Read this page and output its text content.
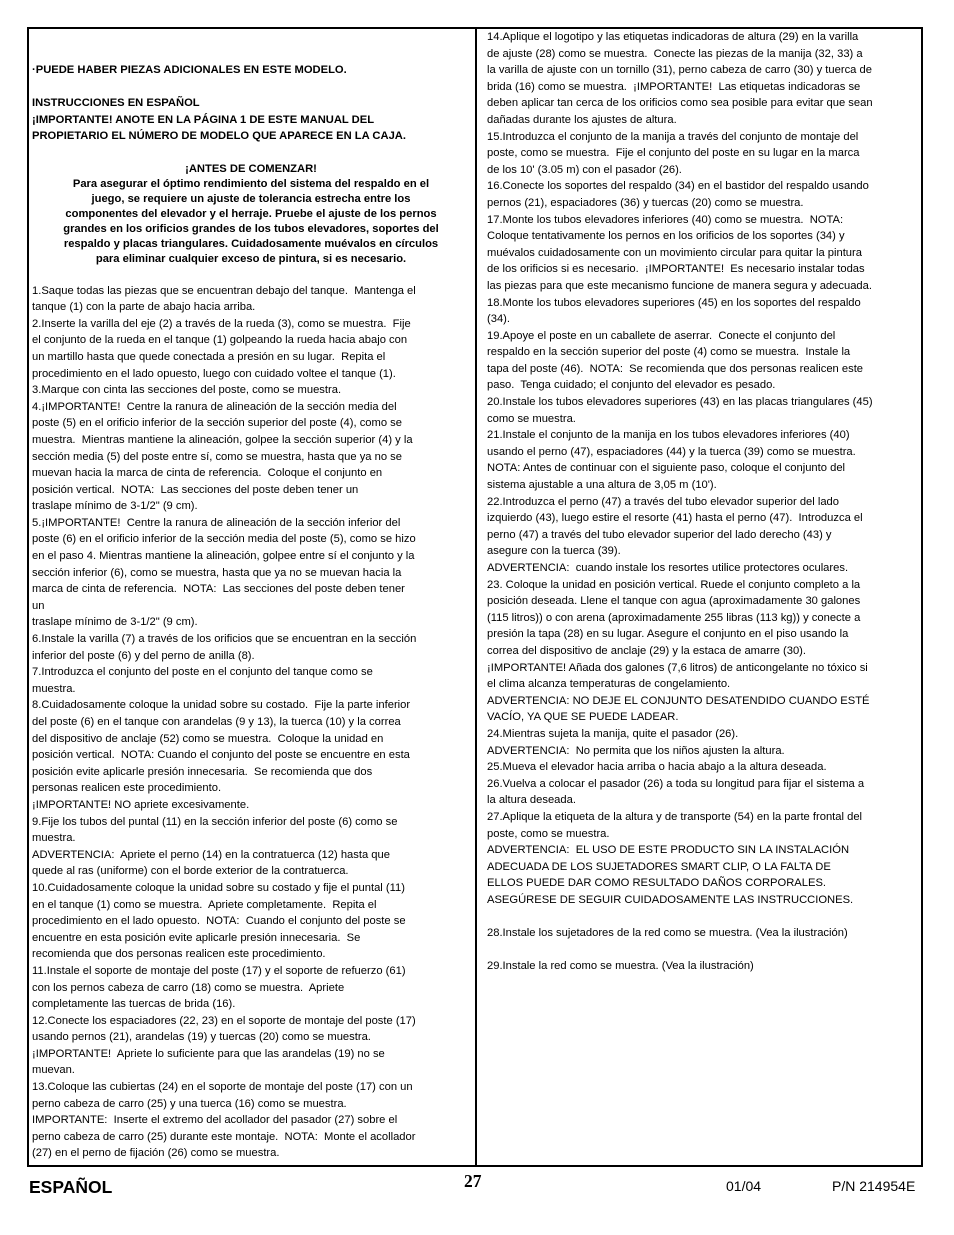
·PUEDE HABER PIEZAS ADICIONALES EN ESTE MODELO.

INSTRUCCIONES EN ESPAÑOL

¡IMPORTANTE! ANOTE EN LA PÁGINA 1 DE ESTE MANUAL DEL

PROPIETARIO EL NÚMERO DE MODELO QUE APARECE EN LA CAJA.

¡ANTES DE COMENZAR!

Para asegurar el óptimo rendimiento del sistema del respaldo en el

juego, se requiere un ajuste de tolerancia estrecha entre los

componentes del elevador y el herraje. Pruebe el ajuste de los pernos

grandes en los orificios grandes de los tubos elevadores, soportes del

respaldo y placas triangulares. Cuidadosamente muévalos en círculos

para eliminar cualquier exceso de pintura, si es necesario.

1.Saque todas las piezas que se encuentran debajo del tanque.  Mantenga el

tanque (1) con la parte de abajo hacia arriba.

2.Inserte la varilla del eje (2) a través de la rueda (3), como se muestra.  Fije

el conjunto de la rueda en el tanque (1) golpeando la rueda hacia abajo con

un martillo hasta que quede conectada a presión en su lugar.  Repita el

procedimiento en el lado opuesto, luego con cuidado voltee el tanque (1).

3.Marque con cinta las secciones del poste, como se muestra.

4.¡IMPORTANTE!  Centre la ranura de alineación de la sección media del

poste (5) en el orificio inferior de la sección superior del poste (4), como se

muestra.  Mientras mantiene la alineación, golpee la sección superior (4) y la

sección media (5) del poste entre sí, como se muestra, hasta que ya no se

muevan hacia la marca de cinta de referencia.  Coloque el conjunto en

posición vertical.  NOTA:  Las secciones del poste deben tener un

traslape mínimo de 3-1/2" (9 cm).

5.¡IMPORTANTE!  Centre la ranura de alineación de la sección inferior del

poste (6) en el orificio inferior de la sección media del poste (5), como se hizo

en el paso 4. Mientras mantiene la alineación, golpee entre sí el conjunto y la

sección inferior (6), como se muestra, hasta que ya no se muevan hacia la

marca de cinta de referencia.  NOTA:  Las secciones del poste deben tener

un

traslape mínimo de 3-1/2" (9 cm).

6.Instale la varilla (7) a través de los orificios que se encuentran en la sección

inferior del poste (6) y del perno de anilla (8).

7.Introduzca el conjunto del poste en el conjunto del tanque como se

muestra.

8.Cuidadosamente coloque la unidad sobre su costado.  Fije la parte inferior

del poste (6) en el tanque con arandelas (9 y 13), la tuerca (10) y la correa

del dispositivo de anclaje (52) como se muestra.  Coloque la unidad en

posición vertical.  NOTA: Cuando el conjunto del poste se encuentre en esta

posición evite aplicarle presión innecesaria.  Se recomienda que dos

personas realicen este procedimiento.

¡IMPORTANTE! NO apriete excesivamente.

9.Fije los tubos del puntal (11) en la sección inferior del poste (6) como se

muestra.

ADVERTENCIA:  Apriete el perno (14) en la contratuerca (12) hasta que

quede al ras (uniforme) con el borde exterior de la contratuerca.

10.Cuidadosamente coloque la unidad sobre su costado y fije el puntal (11)

en el tanque (1) como se muestra.  Apriete completamente.  Repita el

procedimiento en el lado opuesto.  NOTA:  Cuando el conjunto del poste se

encuentre en esta posición evite aplicarle presión innecesaria.  Se

recomienda que dos personas realicen este procedimiento.

11.Instale el soporte de montaje del poste (17) y el soporte de refuerzo (61)

con los pernos cabeza de carro (18) como se muestra.  Apriete

completamente las tuercas de brida (16).

12.Conecte los espaciadores (22, 23) en el soporte de montaje del poste (17)

usando pernos (21), arandelas (19) y tuercas (20) como se muestra.

¡IMPORTANTE!  Apriete lo suficiente para que las arandelas (19) no se

muevan.

13.Coloque las cubiertas (24) en el soporte de montaje del poste (17) con un

perno cabeza de carro (25) y una tuerca (16) como se muestra.

IMPORTANTE:  Inserte el extremo del acollador del pasador (27) sobre el

perno cabeza de carro (25) durante este montaje.  NOTA:  Monte el acollador

(27) en el perno de fijación (26) como se muestra.

14.Aplique el logotipo y las etiquetas indicadoras de altura (29) en la varilla

de ajuste (28) como se muestra.  Conecte las piezas de la manija (32, 33) a

la varilla de ajuste con un tornillo (31), perno cabeza de carro (30) y tuerca de

brida (16) como se muestra.  ¡IMPORTANTE!  Las etiquetas indicadoras se

deben aplicar tan cerca de los orificios como sea posible para evitar que sean

dañadas durante los ajustes de altura.

15.Introduzca el conjunto de la manija a través del conjunto de montaje del

poste, como se muestra.  Fije el conjunto del poste en su lugar en la marca

de los 10' (3.05 m) con el pasador (26).

16.Conecte los soportes del respaldo (34) en el bastidor del respaldo usando

pernos (21), espaciadores (36) y tuercas (20) como se muestra.

17.Monte los tubos elevadores inferiores (40) como se muestra.  NOTA:

Coloque tentativamente los pernos en los orificios de los soportes (34) y

muévalos cuidadosamente con un movimiento circular para quitar la pintura

de los orificios si es necesario.  ¡IMPORTANTE!  Es necesario instalar todas

las piezas para que este mecanismo funcione de manera segura y adecuada.

18.Monte los tubos elevadores superiores (45) en los soportes del respaldo

(34).

19.Apoye el poste en un caballete de aserrar.  Conecte el conjunto del

respaldo en la sección superior del poste (4) como se muestra.  Instale la

tapa del poste (46).  NOTA:  Se recomienda que dos personas realicen este

paso.  Tenga cuidado; el conjunto del elevador es pesado.

20.Instale los tubos elevadores superiores (43) en las placas triangulares (45)

como se muestra.

21.Instale el conjunto de la manija en los tubos elevadores inferiores (40)

usando el perno (47), espaciadores (44) y la tuerca (39) como se muestra.

NOTA: Antes de continuar con el siguiente paso, coloque el conjunto del

sistema ajustable a una altura de 3,05 m (10').

22.Introduzca el perno (47) a través del tubo elevador superior del lado

izquierdo (43), luego estire el resorte (41) hasta el perno (47).  Introduzca el

perno (47) a través del tubo elevador superior del lado derecho (43) y

asegure con la tuerca (39).

ADVERTENCIA:  cuando instale los resortes utilice protectores oculares.

23. Coloque la unidad en posición vertical. Ruede el conjunto completo a la

posición deseada. Llene el tanque con agua (aproximadamente 30 galones

(115 litros)) o con arena (aproximadamente 255 libras (113 kg)) y conecte a

presión la tapa (28) en su lugar. Asegure el conjunto en el piso usando la

correa del dispositivo de anclaje (29) y la estaca de amarre (30).

¡IMPORTANTE! Añada dos galones (7,6 litros) de anticongelante no tóxico si

el clima alcanza temperaturas de congelamiento.

ADVERTENCIA: NO DEJE EL CONJUNTO DESATENDIDO CUANDO ESTÉ

VACÍO, YA QUE SE PUEDE LADEAR.

24.Mientras sujeta la manija, quite el pasador (26).

ADVERTENCIA:  No permita que los niños ajusten la altura.

25.Mueva el elevador hacia arriba o hacia abajo a la altura deseada.

26.Vuelva a colocar el pasador (26) a toda su longitud para fijar el sistema a

la altura deseada.

27.Aplique la etiqueta de la altura y de transporte (54) en la parte frontal del

poste, como se muestra.

ADVERTENCIA:  EL USO DE ESTE PRODUCTO SIN LA INSTALACIÓN

ADECUADA DE LOS SUJETADORES SMART CLIP, O LA FALTA DE

ELLOS PUEDE DAR COMO RESULTADO DAÑOS CORPORALES.

ASEGÚRESE DE SEGUIR CUIDADOSAMENTE LAS INSTRUCCIONES.

28.Instale los sujetadores de la red como se muestra. (Vea la ilustración)

29.Instale la red como se muestra. (Vea la ilustración)

ESPAÑOL	27	01/04	P/N 214954E
